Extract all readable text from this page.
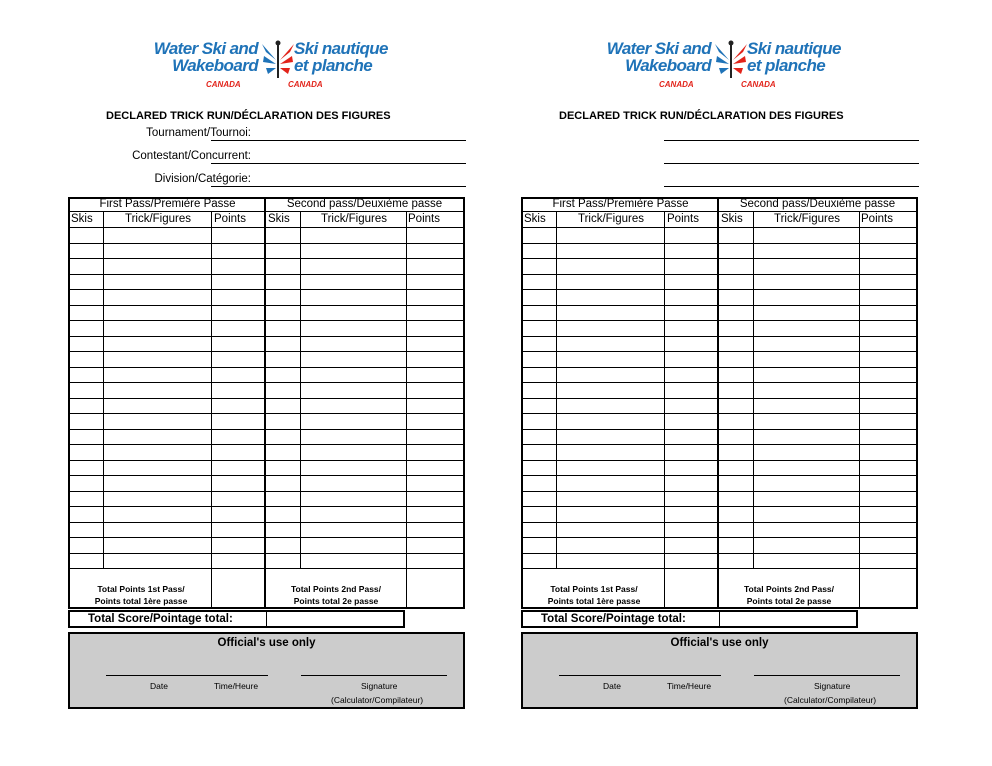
Water Ski and
Wakeboard
Ski nautique
et planche
CANADA	CANADA
DECLARED TRICK RUN/DÉCLARATION DES FIGURES
First Pass/Première Passe	Second pass/Deuxième passe
Skis	Trick/Figures	Points Skis	Trick/Figures	Points
Total Points 1st Pass/
Points total 1ère passe
Total Points 2nd Pass/
Points total 2e passe
Total Score/Pointage total:
Official's use only
Date	Time/Heure	Signature
(Calculator/Compilateur)
Water Ski and
Wakeboard
Ski nautique
et planche
CANADA	CANADA
DECLARED TRICK RUN/DÉCLARATION DES FIGURES
Tournament/Tournoi:
Contestant/Concurrent:
Division/Catégorie:
First Pass/Première Passe	Second pass/Deuxième passe
Skis	Trick/Figures	Points Skis	Trick/Figures	Points
Total Points 1st Pass/
Points total 1ère passe
Total Points 2nd Pass/
Points total 2e passe
Total Score/Pointage total:
Official's use only
Date	Time/Heure	Signature
(Calculator/Compilateur)
